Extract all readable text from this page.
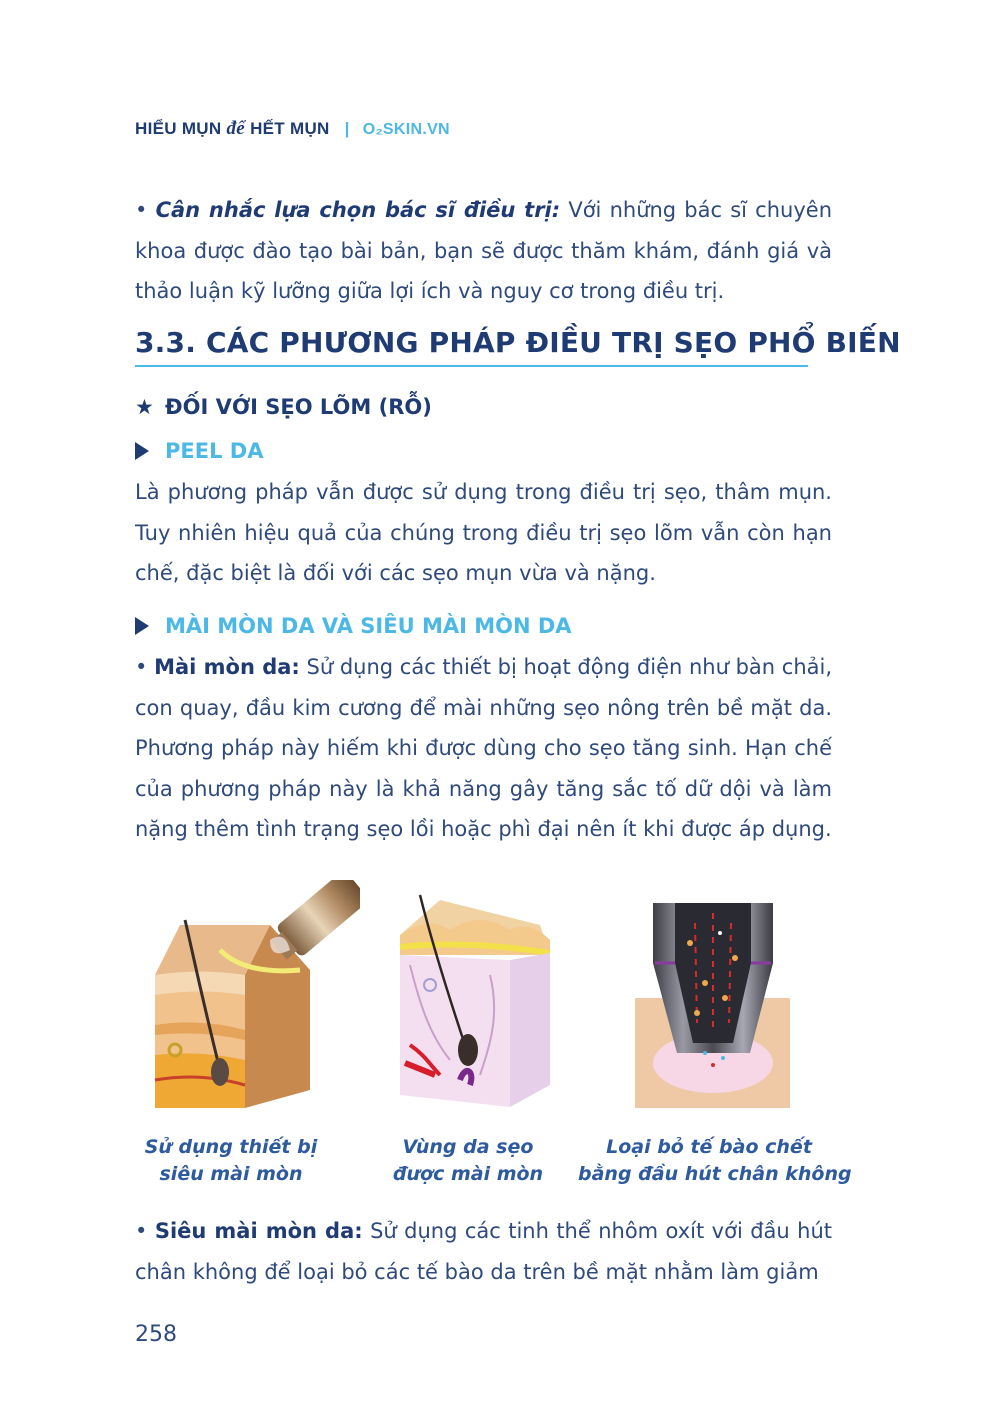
HIỂU MỤN để HẾT MỤN | O₂SKIN.VN

• Cân nhắc lựa chọn bác sĩ điều trị: Với những bác sĩ chuyên khoa được đào tạo bài bản, bạn sẽ được thăm khám, đánh giá và thảo luận kỹ lưỡng giữa lợi ích và nguy cơ trong điều trị.

3.3. CÁC PHƯƠNG PHÁP ĐIỀU TRỊ SẸO PHỔ BIẾN
★ ĐỐI VỚI SẸO LÕM (RỖ)
PEEL DA

Là phương pháp vẫn được sử dụng trong điều trị sẹo, thâm mụn. Tuy nhiên hiệu quả của chúng trong điều trị sẹo lõm vẫn còn hạn chế, đặc biệt là đối với các sẹo mụn vừa và nặng.

MÀI MÒN DA VÀ SIÊU MÀI MÒN DA

• Mài mòn da: Sử dụng các thiết bị hoạt động điện như bàn chải, con quay, đầu kim cương để mài những sẹo nông trên bề mặt da. Phương pháp này hiếm khi được dùng cho sẹo tăng sinh. Hạn chế của phương pháp này là khả năng gây tăng sắc tố dữ dội và làm nặng thêm tình trạng sẹo lồi hoặc phì đại nên ít khi được áp dụng.

Sử dụng thiết bị
siêu mài mòn
Vùng da sẹo
được mài mòn
Loại bỏ tế bào chết
bằng đầu hút chân không

• Siêu mài mòn da: Sử dụng các tinh thể nhôm oxít với đầu hút chân không để loại bỏ các tế bào da trên bề mặt nhằm làm giảm

258
